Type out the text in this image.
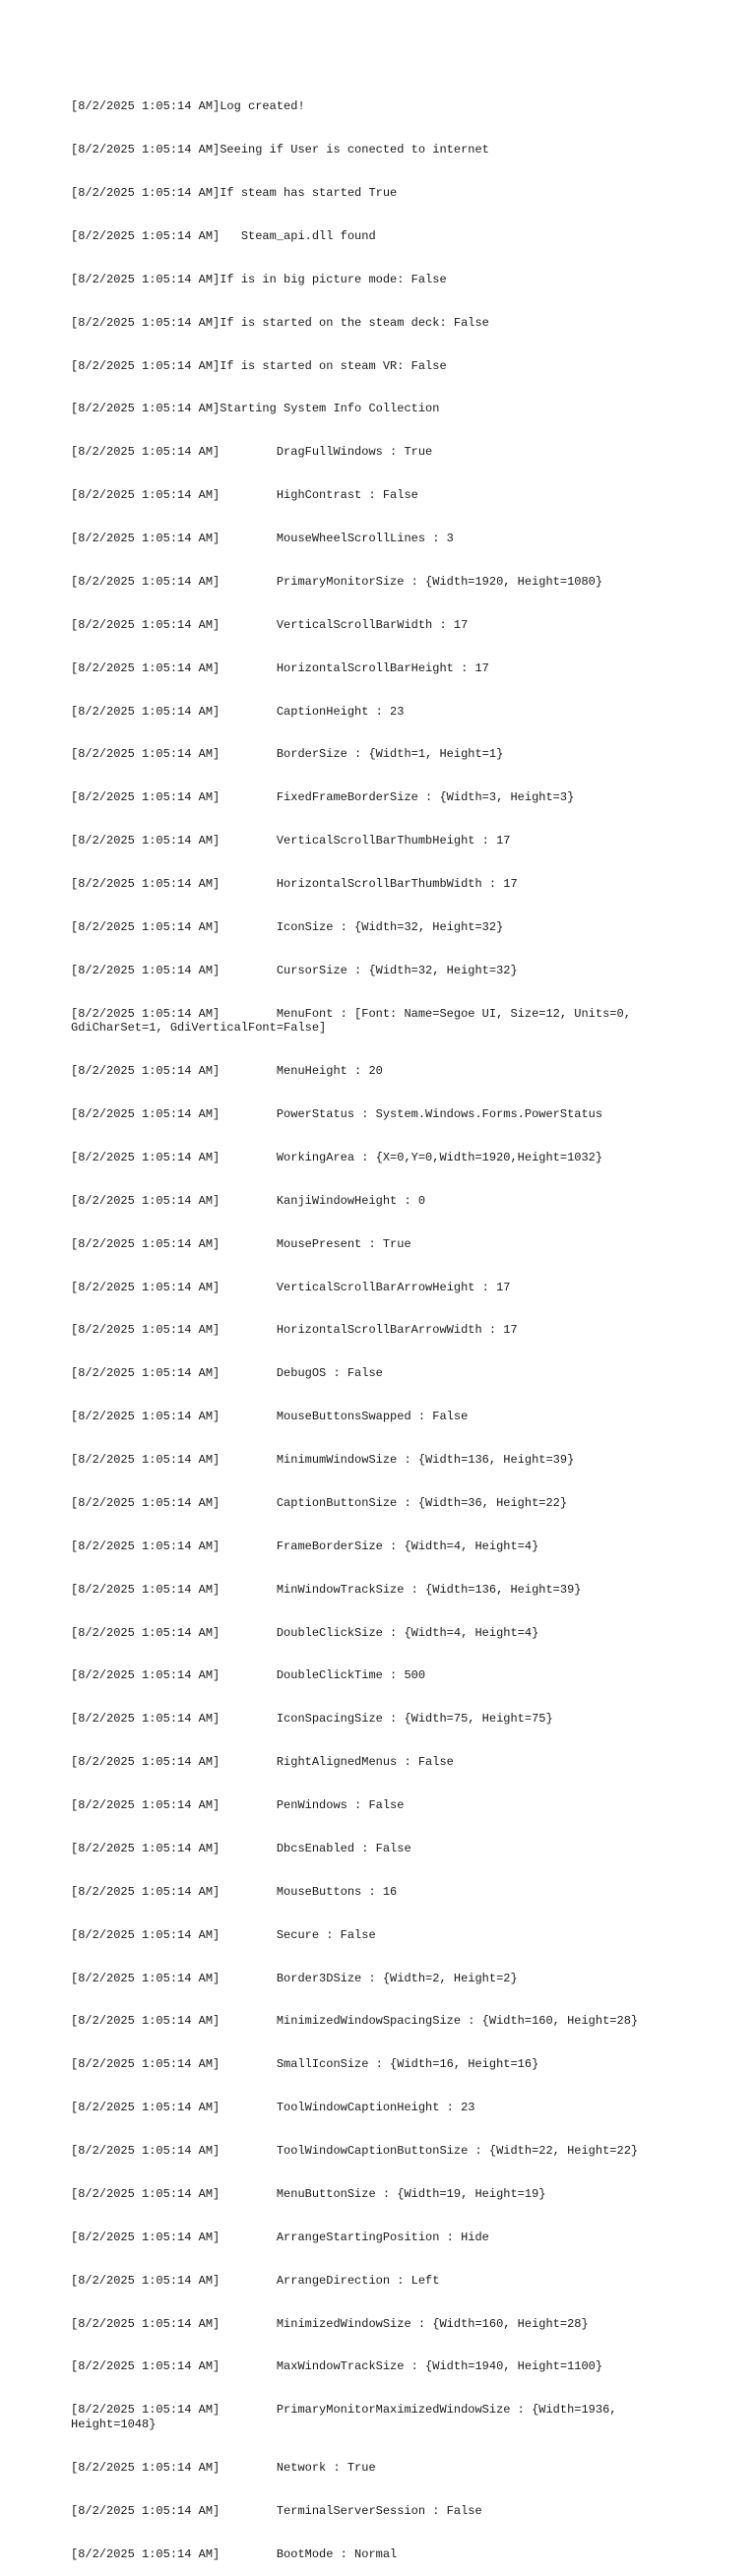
[8/2/2025 1:05:14 AM]Log created!

[8/2/2025 1:05:14 AM]Seeing if User is conected to internet

[8/2/2025 1:05:14 AM]If steam has started True

[8/2/2025 1:05:14 AM]   Steam_api.dll found

[8/2/2025 1:05:14 AM]If is in big picture mode: False

[8/2/2025 1:05:14 AM]If is started on the steam deck: False

[8/2/2025 1:05:14 AM]If is started on steam VR: False

[8/2/2025 1:05:14 AM]Starting System Info Collection

[8/2/2025 1:05:14 AM]        DragFullWindows : True

[8/2/2025 1:05:14 AM]        HighContrast : False

[8/2/2025 1:05:14 AM]        MouseWheelScrollLines : 3

[8/2/2025 1:05:14 AM]        PrimaryMonitorSize : {Width=1920, Height=1080}

[8/2/2025 1:05:14 AM]        VerticalScrollBarWidth : 17

[8/2/2025 1:05:14 AM]        HorizontalScrollBarHeight : 17

[8/2/2025 1:05:14 AM]        CaptionHeight : 23

[8/2/2025 1:05:14 AM]        BorderSize : {Width=1, Height=1}

[8/2/2025 1:05:14 AM]        FixedFrameBorderSize : {Width=3, Height=3}

[8/2/2025 1:05:14 AM]        VerticalScrollBarThumbHeight : 17

[8/2/2025 1:05:14 AM]        HorizontalScrollBarThumbWidth : 17

[8/2/2025 1:05:14 AM]        IconSize : {Width=32, Height=32}

[8/2/2025 1:05:14 AM]        CursorSize : {Width=32, Height=32}

[8/2/2025 1:05:14 AM]        MenuFont : [Font: Name=Segoe UI, Size=12, Units=0, GdiCharSet=1, GdiVerticalFont=False]

[8/2/2025 1:05:14 AM]        MenuHeight : 20

[8/2/2025 1:05:14 AM]        PowerStatus : System.Windows.Forms.PowerStatus

[8/2/2025 1:05:14 AM]        WorkingArea : {X=0,Y=0,Width=1920,Height=1032}

[8/2/2025 1:05:14 AM]        KanjiWindowHeight : 0

[8/2/2025 1:05:14 AM]        MousePresent : True

[8/2/2025 1:05:14 AM]        VerticalScrollBarArrowHeight : 17

[8/2/2025 1:05:14 AM]        HorizontalScrollBarArrowWidth : 17

[8/2/2025 1:05:14 AM]        DebugOS : False

[8/2/2025 1:05:14 AM]        MouseButtonsSwapped : False

[8/2/2025 1:05:14 AM]        MinimumWindowSize : {Width=136, Height=39}

[8/2/2025 1:05:14 AM]        CaptionButtonSize : {Width=36, Height=22}

[8/2/2025 1:05:14 AM]        FrameBorderSize : {Width=4, Height=4}

[8/2/2025 1:05:14 AM]        MinWindowTrackSize : {Width=136, Height=39}

[8/2/2025 1:05:14 AM]        DoubleClickSize : {Width=4, Height=4}

[8/2/2025 1:05:14 AM]        DoubleClickTime : 500

[8/2/2025 1:05:14 AM]        IconSpacingSize : {Width=75, Height=75}

[8/2/2025 1:05:14 AM]        RightAlignedMenus : False

[8/2/2025 1:05:14 AM]        PenWindows : False

[8/2/2025 1:05:14 AM]        DbcsEnabled : False

[8/2/2025 1:05:14 AM]        MouseButtons : 16

[8/2/2025 1:05:14 AM]        Secure : False

[8/2/2025 1:05:14 AM]        Border3DSize : {Width=2, Height=2}

[8/2/2025 1:05:14 AM]        MinimizedWindowSpacingSize : {Width=160, Height=28}

[8/2/2025 1:05:14 AM]        SmallIconSize : {Width=16, Height=16}

[8/2/2025 1:05:14 AM]        ToolWindowCaptionHeight : 23

[8/2/2025 1:05:14 AM]        ToolWindowCaptionButtonSize : {Width=22, Height=22}

[8/2/2025 1:05:14 AM]        MenuButtonSize : {Width=19, Height=19}

[8/2/2025 1:05:14 AM]        ArrangeStartingPosition : Hide

[8/2/2025 1:05:14 AM]        ArrangeDirection : Left

[8/2/2025 1:05:14 AM]        MinimizedWindowSize : {Width=160, Height=28}

[8/2/2025 1:05:14 AM]        MaxWindowTrackSize : {Width=1940, Height=1100}

[8/2/2025 1:05:14 AM]        PrimaryMonitorMaximizedWindowSize : {Width=1936, Height=1048}

[8/2/2025 1:05:14 AM]        Network : True

[8/2/2025 1:05:14 AM]        TerminalServerSession : False

[8/2/2025 1:05:14 AM]        BootMode : Normal
